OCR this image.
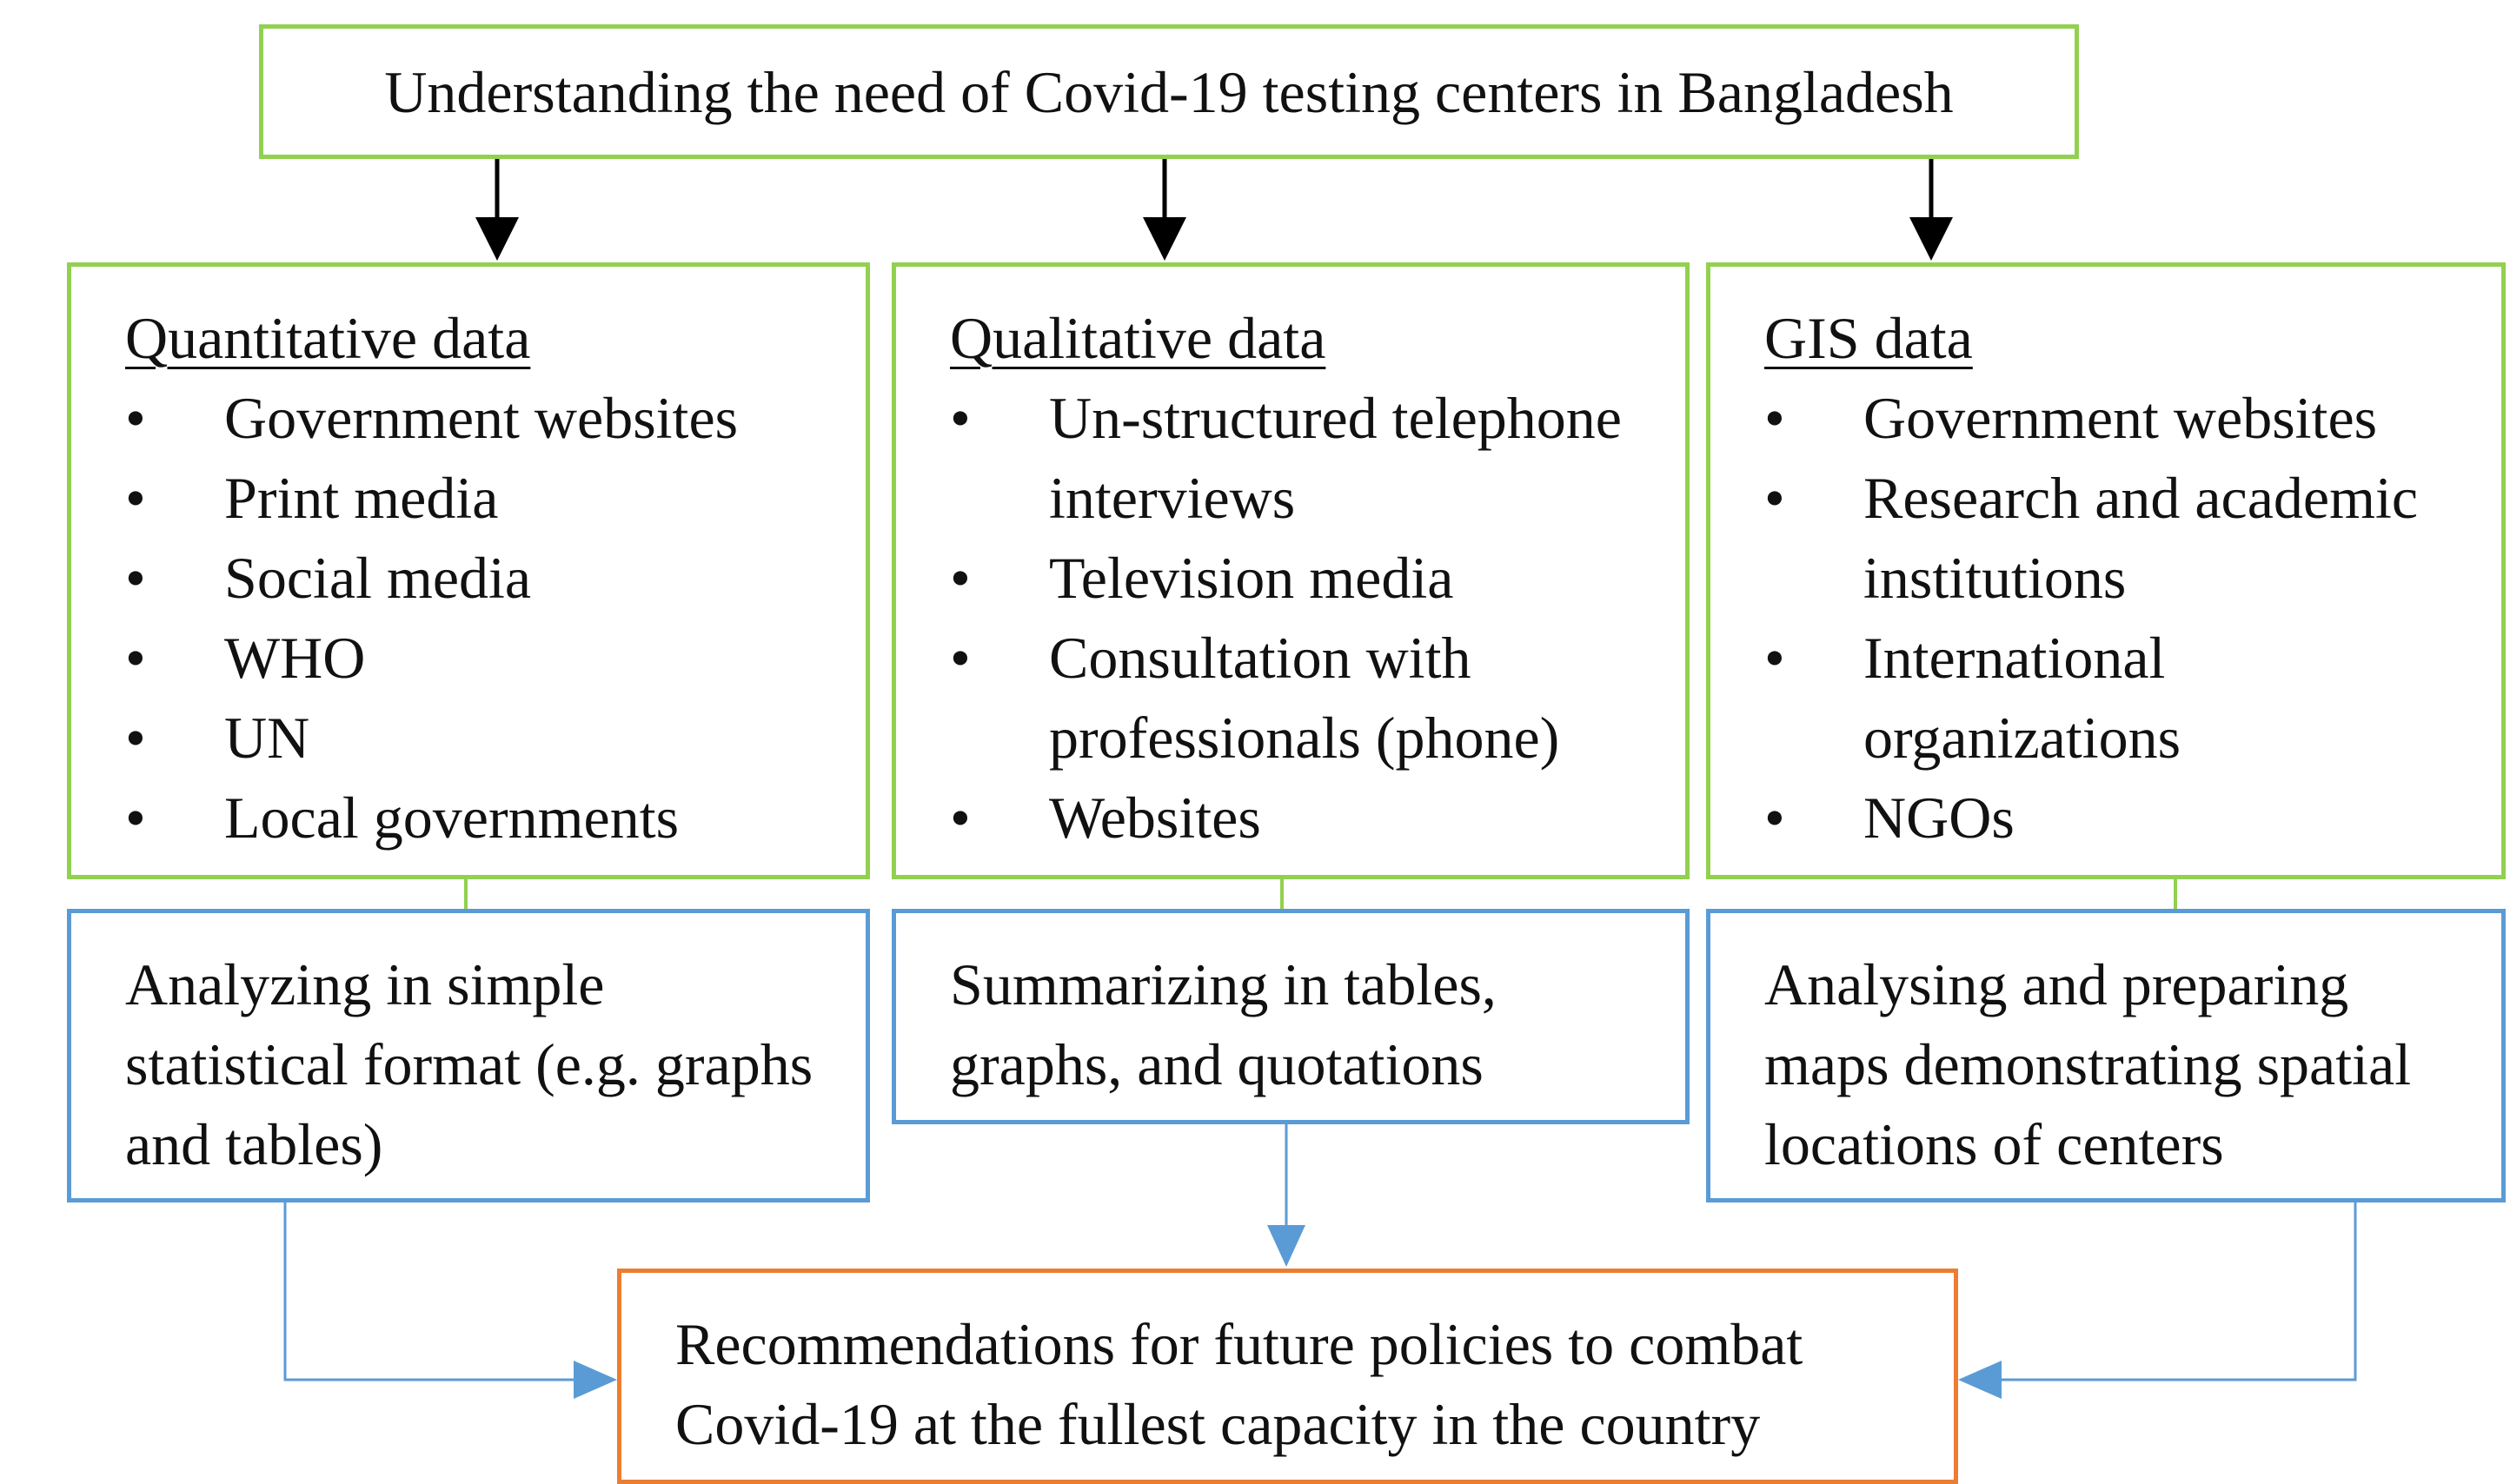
Understanding the need of Covid-19 testing centers in Bangladesh

Quantitative data

• Government websites
• Print media
• Social media
• WHO
• UN
• Local governments

Qualitative data

• Un-structured telephone interviews
• Television media
• Consultation with professionals (phone)
• Websites

GIS data

• Government websites
• Research and academic institutions
• International organizations
• NGOs
Analyzing in simple statistical format (e.g. graphs and tables)
Summarizing in tables, graphs, and quotations
Analysing and preparing maps demonstrating spatial locations of centers
Recommendations for future policies to combat Covid-19 at the fullest capacity in the country
